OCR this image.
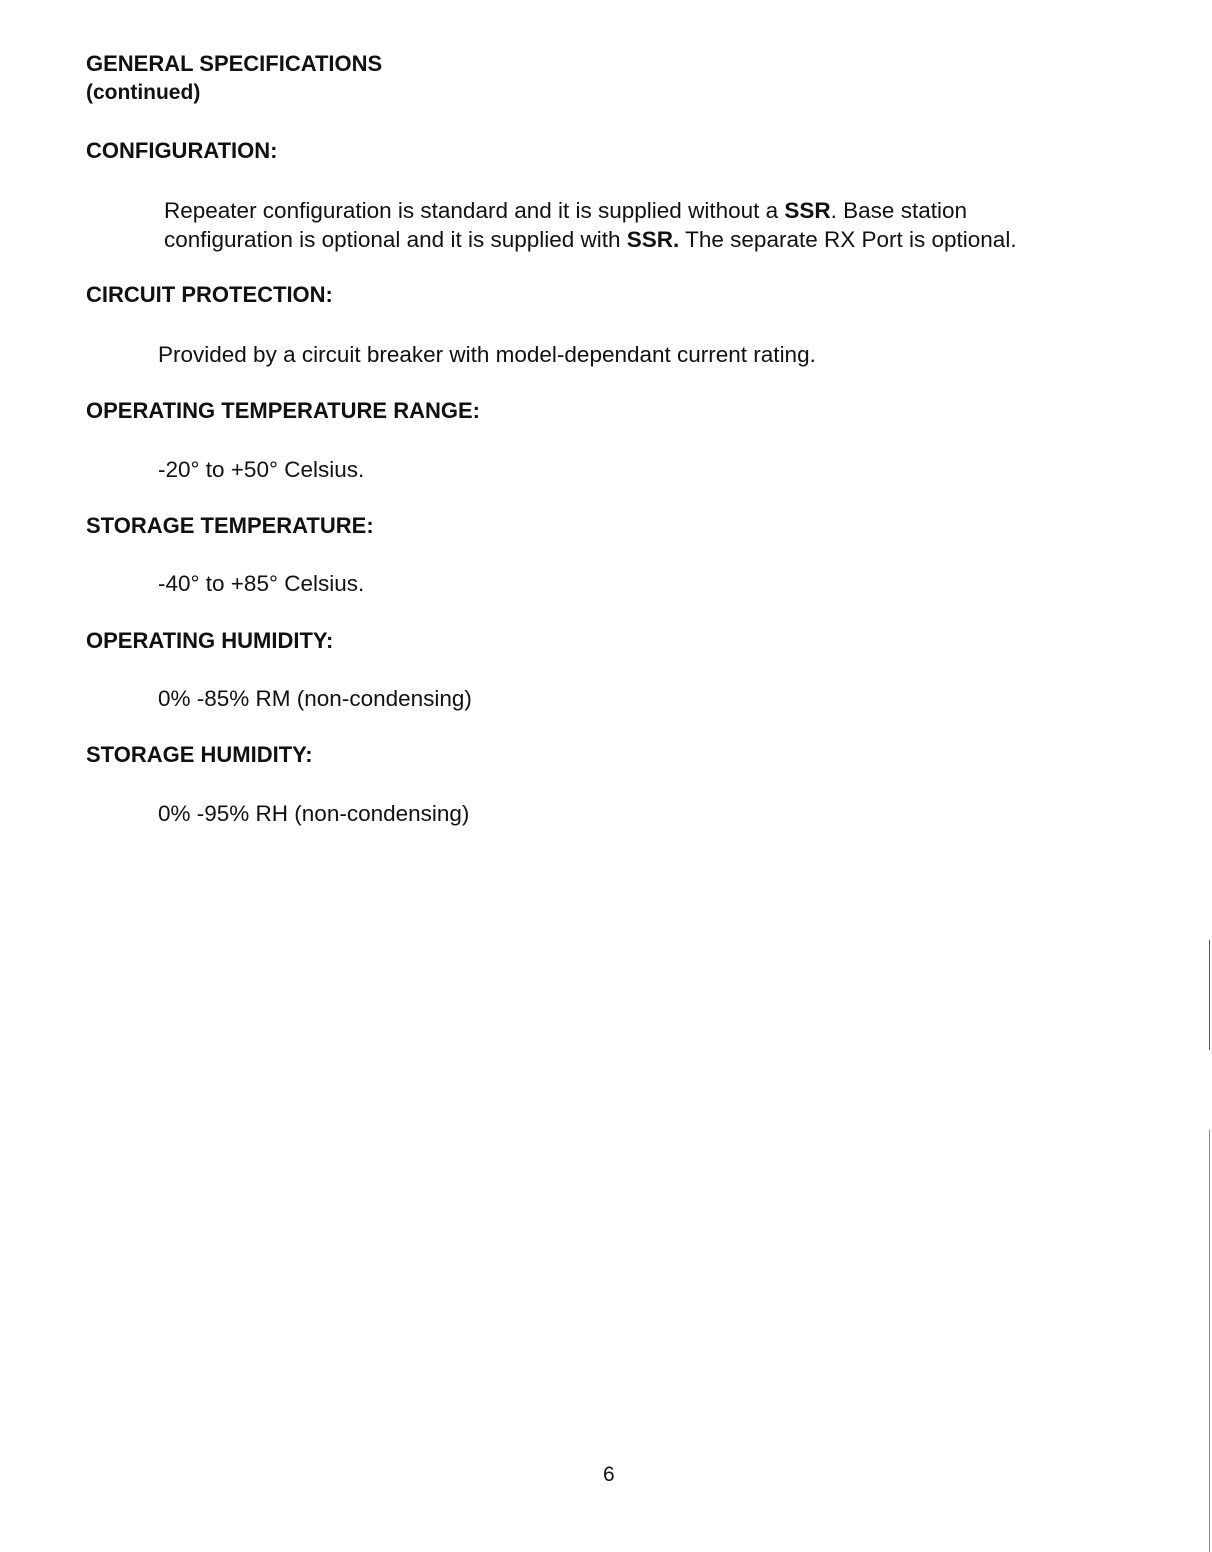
GENERAL SPECIFICATIONS
(continued)
CONFIGURATION:
Repeater configuration is standard and it is supplied without a SSR. Base station
configuration is optional and it is supplied with SSR. The separate RX Port is optional.
CIRCUIT PROTECTION:
Provided by a circuit breaker with model-dependant current rating.
OPERATING TEMPERATURE RANGE:
-20° to +50° Celsius.
STORAGE TEMPERATURE:
-40° to +85° Celsius.
OPERATING HUMIDITY:
0% -85% RM (non-condensing)
STORAGE HUMIDITY:
0% -95% RH (non-condensing)
6
